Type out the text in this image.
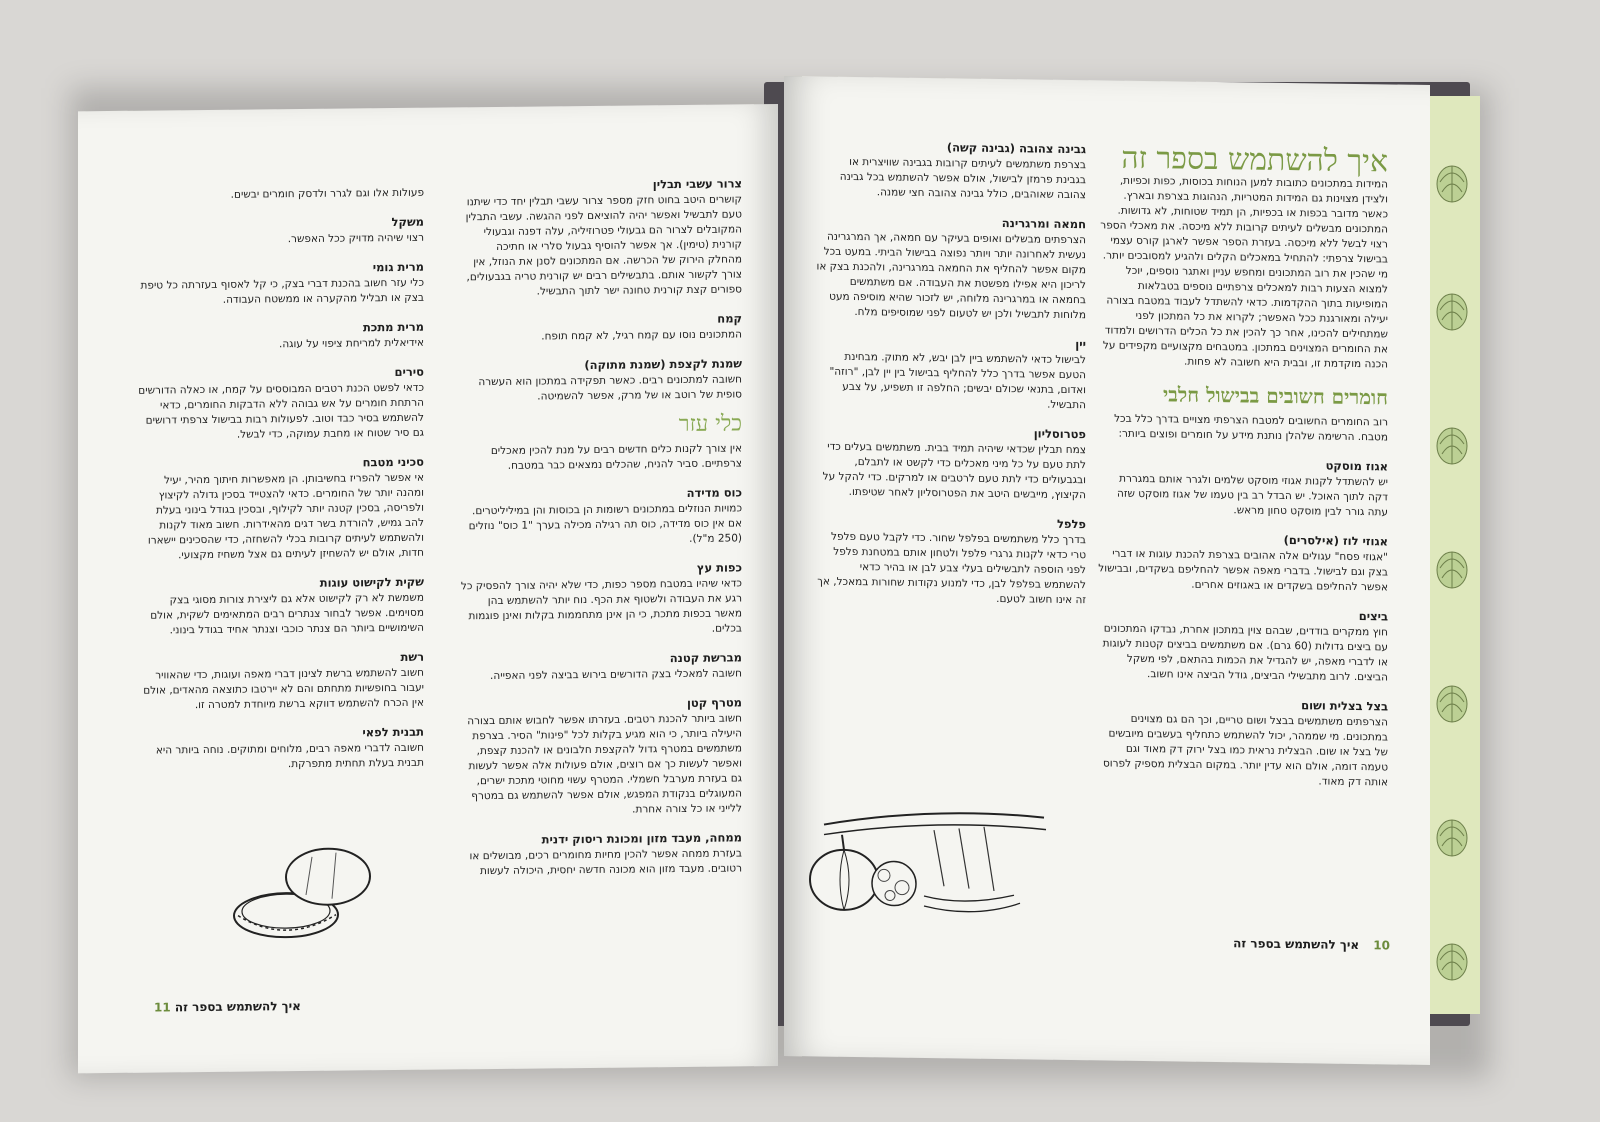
צרור עשבי תבלין

קושרים היטב בחוט חזק מספר צרור עשבי תבלין יחד כדי שיתנו טעם לתבשיל ואפשר יהיה להוציאם לפני ההגשה. עשבי התבלין המקובלים לצרור הם גבעולי פטרוזיליה, עלה דפנה וגבעולי קורנית (טימין). אך אפשר להוסיף גבעול סלרי או חתיכה מהחלק הירוק של הכרשה. אם המתכונים לסנן את הנוזל, אין צורך לקשור אותם. בתבשילים רבים יש קורנית טריה בגבעולים, ספורים קצת קורנית טחונה ישר לתוך התבשיל.

קמח

המתכונים נוסו עם קמח רגיל, לא קמח תופח.

שמנת לקצפת (שמנת מתוקה)

חשובה למתכונים רבים. כאשר תפקידה במתכון הוא העשרה סופית של רוטב או של מרק, אפשר להשמיטה.

כלי עזר

אין צורך לקנות כלים חדשים רבים על מנת להכין מאכלים צרפתיים. סביר להניח, שהכלים נמצאים כבר במטבח.

כוס מדידה

כמויות הנוזלים במתכונים רשומות הן בכוסות והן במיליליטרים. אם אין כוס מדידה, כוס תה רגילה מכילה בערך "1 כוס" נוזלים (250 מ"ל).

כפות עץ

כדאי שיהיו במטבח מספר כפות, כדי שלא יהיה צורך להפסיק כל רגע את העבודה ולשטוף את הכף. נוח יותר להשתמש בהן מאשר בכפות מתכת, כי הן אינן מתחממות בקלות ואינן פוגמות בכלים.

מברשת קטנה

חשובה למאכלי בצק הדורשים בירוש בביצה לפני האפייה.

מטרף קטן

חשוב ביותר להכנת רטבים. בעזרתו אפשר לחבוש אותם בצורה היעילה ביותר, כי הוא מגיע בקלות לכל "פינות" הסיר. בצרפת משתמשים במטרף גדול להקצפת חלבונים או להכנת קצפת, ואפשר לעשות כך אם רוצים, אולם פעולות אלה אפשר לעשות גם בעזרת מערבל חשמלי. המטרף עשוי מחוטי מתכת ישרים, המעוגלים בנקודת המפגש, אולם אפשר להשתמש גם במטרף ללייני או כל צורה אחרת.

ממחה, מעבד מזון ומכונת ריסוק ידנית

בעזרת ממחה אפשר להכין מחיות מחומרים רכים, מבושלים או רטובים. מעבד מזון הוא מכונה חדשה יחסית, היכולה לעשות

פעולות אלו וגם לגרר ולדסק חומרים יבשים.

משקל

רצוי שיהיה מדויק ככל האפשר.

מרית גומי

כלי עזר חשוב בהכנת דברי בצק, כי קל לאסוף בעזרתה כל טיפת בצק או תבליל מהקערה או ממשטח העבודה.

מרית מתכת

אידיאלית למריחת ציפוי על עוגה.

סירים

כדאי לפשט הכנת רטבים המבוססים על קמח, או כאלה הדורשים הרתחת חומרים על אש גבוהה ללא הדבקות החומרים, כדאי להשתמש בסיר כבד וטוב. לפעולות רבות בבישול צרפתי דרושים גם סיר שטוח או מחבת עמוקה, כדי לבשל.

סכיני מטבח

אי אפשר להפריז בחשיבותן. הן מאפשרות חיתוך מהיר, יעיל ומהנה יותר של החומרים. כדאי להצטייד בסכין גדולה לקיצוץ ולפריסה, בסכין קטנה יותר לקילוף, ובסכין בגודל בינוני בעלת להב גמיש, להורדת בשר דגים מהאידרות. חשוב מאוד לקנות ולהשתמש לעיתים קרובות בכלי להשחזה, כדי שהסכינים יישארו חדות, אולם יש להשחיזן לעיתים גם אצל משחיז מקצועי.

שקית לקישוט עוגות

משמשת לא רק לקישוט אלא גם ליצירת צורות מסוגי בצק מסוימים. אפשר לבחור צנתרים רבים המתאימים לשקית, אולם השימושיים ביותר הם צנתר כוכבי וצנתר אחיד בגודל בינוני.

רשת

חשוב להשתמש ברשת לצינון דברי מאפה ועוגות, כדי שהאוויר יעבור בחופשיות מתחתם והם לא יירטבו כתוצאה מהאדים, אולם אין הכרח להשתמש דווקא ברשת מיוחדת למטרה זו.

תבנית לפאי

חשובה לדברי מאפה רבים, מלוחים ומתוקים. נוחה ביותר היא תבנית בעלת תחתית מתפרקת.

איך להשתמש בספר זה 11
איך להשתמש בספר זה

המידות במתכונים כתובות למען הנוחות בכוסות, כפות וכפיות, ולצידן מצוינות גם המידות המטריות, הנהוגות בצרפת ובארץ. כאשר מדובר בכפות או בכפיות, הן תמיד שטוחות, לא גדושות. המתכונים מבשלים לעיתים קרובות ללא מיכסה. את מאכלי הספר רצוי לבשל ללא מיכסה. בעזרת הספר אפשר לארגן קורס עצמי בבישול צרפתי: להתחיל במאכלים הקלים ולהגיע למסובכים יותר. מי שהכין את רוב המתכונים ומחפש עניין ואתגר נוספים, יוכל למצוא הצעות רבות למאכלים צרפתיים נוספים בטבלאות המופיעות בתוך ההקדמות. כדאי להשתדל לעבוד במטבח בצורה יעילה ומאורגנת ככל האפשר; לקרוא את כל המתכון לפני שמתחילים להכינו, אחר כך להכין את כל הכלים הדרושים ולמדוד את החומרים המצוינים במתכון. במטבחים מקצועיים מקפידים על הכנה מוקדמת זו, ובבית היא חשובה לא פחות.

חומרים חשובים בבישול חלבי

רוב החומרים החשובים למטבח הצרפתי מצויים בדרך כלל בכל מטבח. הרשימה שלהלן נותנת מידע על חומרים ופוצים ביותר:

אגוז מוסקט

יש להשתדל לקנות אגוזי מוסקט שלמים ולגרר אותם במגררת דקה לתוך האוכל. יש הבדל רב בין טעמו של אגוז מוסקט שזה עתה גורר לבין מוסקט טחון מראש.

אגוזי לוז (אילסרים)

"אגוזי פסח" עגולים אלה אהובים בצרפת להכנת עוגות או דברי בצק וגם לבישול. בדברי מאפה אפשר להחליפם בשקדים, ובבישול אפשר להחליפם בשקדים או באגוזים אחרים.

ביצים

חוץ ממקרים בודדים, שבהם צוין במתכון אחרת, נבדקו המתכונים עם ביצים גדולות (60 גרם). אם משתמשים בביצים קטנות לעוגות או לדברי מאפה, יש להגדיל את הכמות בהתאם, לפי משקל הביצים. לרוב מתבשילי הביצים, גודל הביצה אינו חשוב.

בצל בצלית ושום

הצרפתים משתמשים בבצל ושום טריים, וכך הם גם מצוינים במתכונים. מי שממהר, יכול להשתמש כתחליף בעשבים מיובשים של בצל או שום. הבצלית נראית כמו בצל ירוק דק מאוד וגם טעמה דומה, אולם הוא עדין יותר. במקום הבצלית מספיק לפרוס אותה דק מאוד.

גבינה צהובה (גבינה קשה)

בצרפת משתמשים לעיתים קרובות בגבינה שוויצרית או בגבינת פרמזן לבישול, אולם אפשר להשתמש בכל גבינה צהובה שאוהבים, כולל גבינה צהובה חצי שמנה.

חמאה ומרגרינה

הצרפתים מבשלים ואופים בעיקר עם חמאה, אך המרגרינה נעשית לאחרונה יותר ויותר נפוצה בבישול הביתי. במעט בכל מקום אפשר להחליף את החמאה במרגרינה, ולהכנת בצק או לריכון היא אפילו מפשטת את העבודה. אם משתמשים בחמאה או במרגרינה מלוחה, יש לזכור שהיא מוסיפה מעט מלוחות לתבשיל ולכן יש לטעום לפני שמוסיפים מלח.

יין

לבישול כדאי להשתמש ביין לבן יבש, לא מתוק. מבחינת הטעם אפשר בדרך כלל להחליף בבישול בין יין לבן, "רוזה" ואדום, בתנאי שכולם יבשים; החלפה זו תשפיע, על צבע התבשיל.

פטרוסליון

צמח תבלין שכדאי שיהיה תמיד בבית. משתמשים בעלים כדי לתת טעם על כל מיני מאכלים כדי לקשט או לתבלם, ובגבעולים כדי לתת טעם לרטבים או למרקים. כדי להקל על הקיצוץ, מייבשים היטב את הפטרוסליון לאחר שטיפתו.

פלפל

בדרך כלל משתמשים בפלפל שחור. כדי לקבל טעם פלפל טרי כדאי לקנות גרגרי פלפל ולטחון אותם במטחנת פלפל לפני הוספה לתבשילים בעלי צבע לבן או בהיר כדאי להשתמש בפלפל לבן, כדי למנוע נקודות שחורות במאכל, אך זה אינו חשוב לטעם.

10 איך להשתמש בספר זה
